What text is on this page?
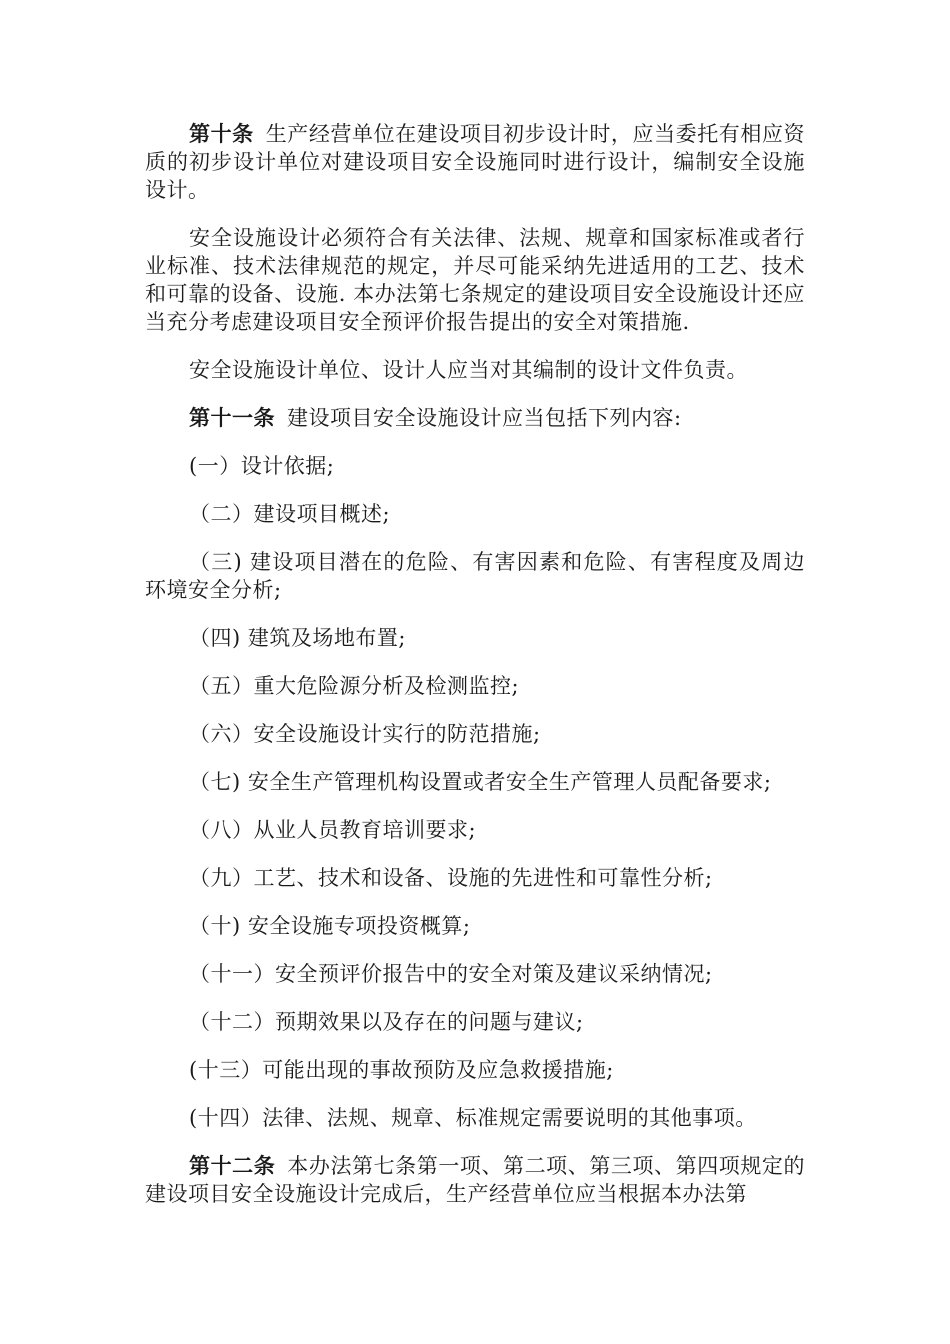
第十条 生产经营单位在建设项目初步设计时，应当委托有相应资质的初步设计单位对建设项目安全设施同时进行设计，编制安全设施设计。

安全设施设计必须符合有关法律、法规、规章和国家标准或者行业标准、技术法律规范的规定，并尽可能采纳先进适用的工艺、技术和可靠的设备、设施. 本办法第七条规定的建设项目安全设施设计还应当充分考虑建设项目安全预评价报告提出的安全对策措施.

安全设施设计单位、设计人应当对其编制的设计文件负责。

第十一条 建设项目安全设施设计应当包括下列内容:

(一）设计依据;

（二）建设项目概述;

（三) 建设项目潜在的危险、有害因素和危险、有害程度及周边环境安全分析;

（四) 建筑及场地布置;

（五）重大危险源分析及检测监控;

（六）安全设施设计实行的防范措施;

（七) 安全生产管理机构设置或者安全生产管理人员配备要求;

（八）从业人员教育培训要求;

（九）工艺、技术和设备、设施的先进性和可靠性分析;

（十) 安全设施专项投资概算;

（十一）安全预评价报告中的安全对策及建议采纳情况;

（十二）预期效果以及存在的问题与建议;

(十三）可能出现的事故预防及应急救援措施;

(十四）法律、法规、规章、标准规定需要说明的其他事项。

第十二条 本办法第七条第一项、第二项、第三项、第四项规定的建设项目安全设施设计完成后，生产经营单位应当根据本办法第
